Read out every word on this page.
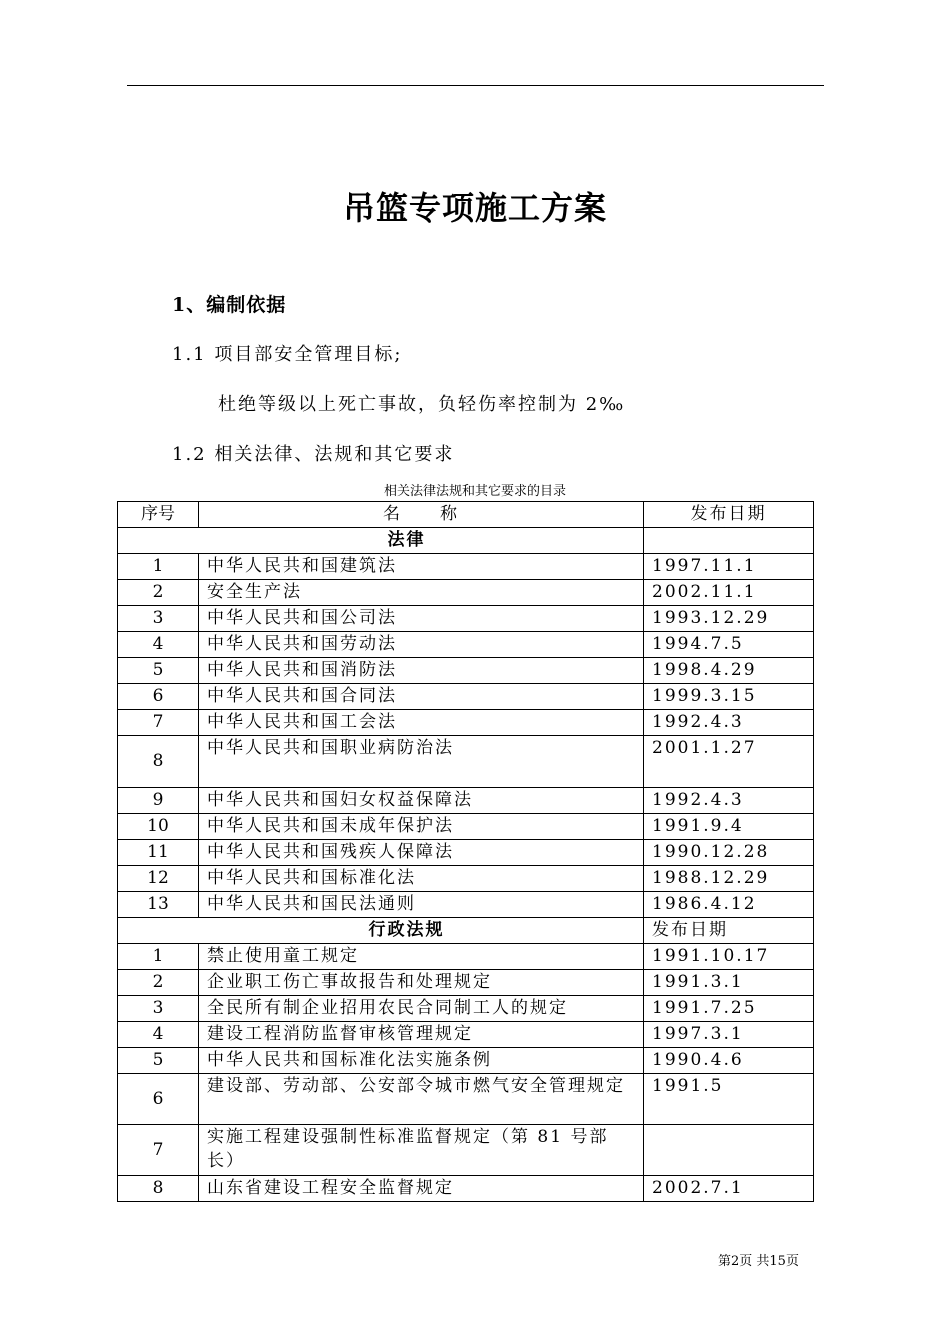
吊篮专项施工方案
1、编制依据
1.1 项目部安全管理目标;
杜绝等级以上死亡事故，负轻伤率控制为 2‰
1.2 相关法律、法规和其它要求
相关法律法规和其它要求的目录
序号	名　　称	发布日期
法律		
1	中华人民共和国建筑法	1997.11.1
2	安全生产法	2002.11.1
3	中华人民共和国公司法	1993.12.29
4	中华人民共和国劳动法	1994.7.5
5	中华人民共和国消防法	1998.4.29
6	中华人民共和国合同法	1999.3.15
7	中华人民共和国工会法	1992.4.3
8	中华人民共和国职业病防治法	2001.1.27
9	中华人民共和国妇女权益保障法	1992.4.3
10	中华人民共和国未成年保护法	1991.9.4
11	中华人民共和国残疾人保障法	1990.12.28
12	中华人民共和国标准化法	1988.12.29
13	中华人民共和国民法通则	1986.4.12
行政法规		发布日期
1	禁止使用童工规定	1991.10.17
2	企业职工伤亡事故报告和处理规定	1991.3.1
3	全民所有制企业招用农民合同制工人的规定	1991.7.25
4	建设工程消防监督审核管理规定	1997.3.1
5	中华人民共和国标准化法实施条例	1990.4.6
6	建设部、劳动部、公安部令城市燃气安全管理规定	1991.5
7	实施工程建设强制性标准监督规定（第 81 号部长）	
8	山东省建设工程安全监督规定	2002.7.1
第2页 共15页
